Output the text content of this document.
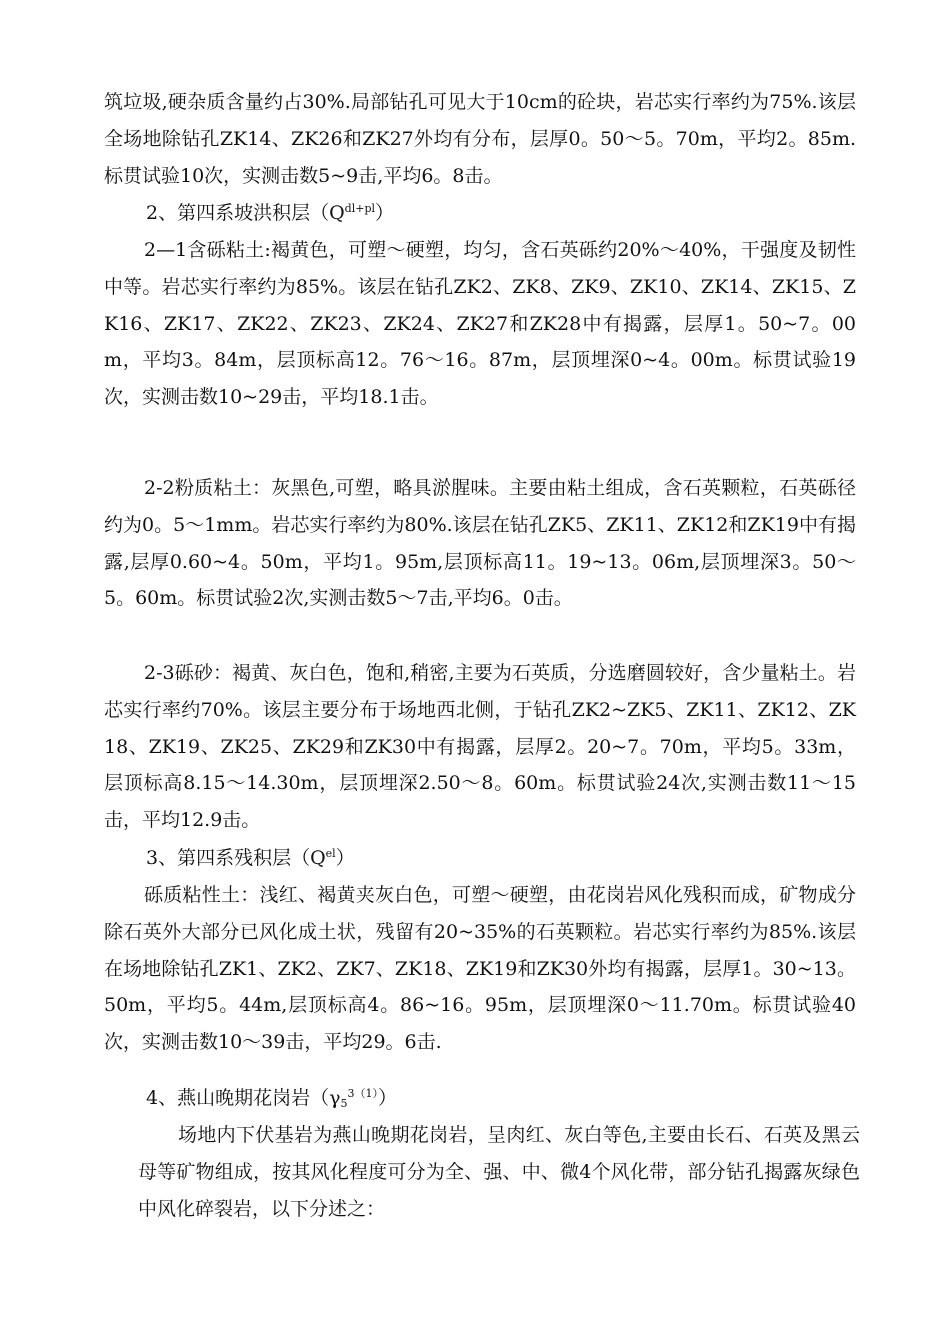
筑垃圾,硬杂质含量约占30%.局部钻孔可见大于10cm的砼块，岩芯实行率约为75%.该层全场地除钻孔ZK14、ZK26和ZK27外均有分布，层厚0。50～5。70m，平均2。85m.标贯试验10次，实测击数5~9击,平均6。8击。

2、第四系坡洪积层$(Q^{dl+pl})$

2—1含砾粘土:褐黄色，可塑～硬塑，均匀，含石英砾约20%～40%，干强度及韧性中等。岩芯实行率约为85%。该层在钻孔ZK2、ZK8、ZK9、ZK10、ZK14、ZK15、ZK16、ZK17、ZK22、ZK23、ZK24、ZK27和ZK28中有揭露，层厚1。50~7。00m，平均3。84m，层顶标高12。76～16。87m，层顶埋深0~4。00m。标贯试验19次，实测击数10~29击，平均18.1击。

2-2粉质粘土：灰黑色,可塑，略具淤腥味。主要由粘土组成，含石英颗粒，石英砾径约为0。5～1mm。岩芯实行率约为80%.该层在钻孔ZK5、ZK11、ZK12和ZK19中有揭露,层厚0.60~4。50m，平均1。95m,层顶标高11。19~13。06m,层顶埋深3。50～5。60m。标贯试验2次,实测击数5～7击,平均6。0击。

2-3砾砂：褐黄、灰白色，饱和,稍密,主要为石英质，分选磨圆较好，含少量粘土。岩芯实行率约70%。该层主要分布于场地西北侧，于钻孔ZK2~ZK5、ZK11、ZK12、ZK18、ZK19、ZK25、ZK29和ZK30中有揭露，层厚2。20~7。70m，平均5。33m，层顶标高8.15～14.30m，层顶埋深2.50～8。60m。标贯试验24次,实测击数11～15击，平均12.9击。

3、第四系残积层$(Q^{el})$

砾质粘性土：浅红、褐黄夹灰白色，可塑～硬塑，由花岗岩风化残积而成，矿物成分除石英外大部分已风化成土状，残留有20~35%的石英颗粒。岩芯实行率约为85%.该层在场地除钻孔ZK1、ZK2、ZK7、ZK18、ZK19和ZK30外均有揭露，层厚1。30~13。50m，平均5。44m,层顶标高4。86~16。95m，层顶埋深0～11.70m。标贯试验40次，实测击数10～39击，平均29。6击.

4、燕山晚期花岗岩$(\gamma_5^{3(1)})$

场地内下伏基岩为燕山晚期花岗岩，呈肉红、灰白等色,主要由长石、石英及黑云母等矿物组成，按其风化程度可分为全、强、中、微4个风化带，部分钻孔揭露灰绿色中风化碎裂岩，以下分述之：
